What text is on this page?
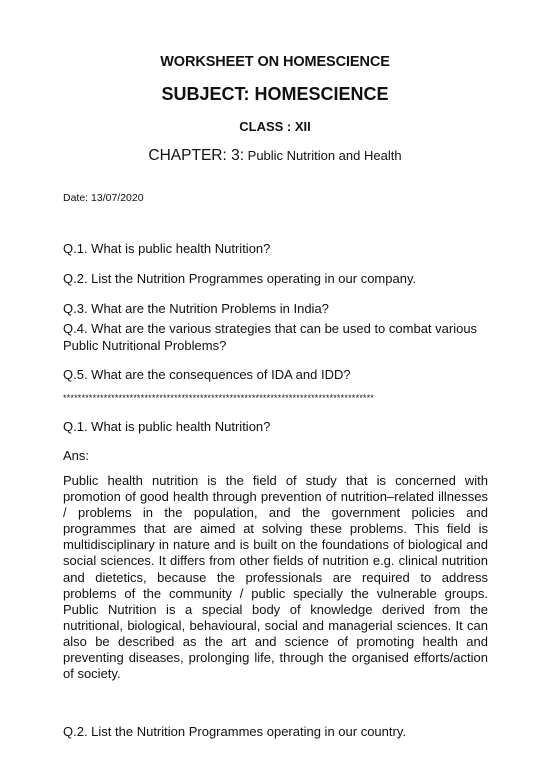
WORKSHEET ON HOMESCIENCE
SUBJECT: HOMESCIENCE
CLASS : XII
CHAPTER: 3: Public Nutrition and Health
Date: 13/07/2020
Q.1. What is public health Nutrition?
Q.2. List the Nutrition Programmes operating in our company.
Q.3. What are the Nutrition Problems in India?
Q.4. What are the various strategies that can be used to combat various Public Nutritional Problems?
Q.5. What are the consequences of IDA and IDD?
************************************************************************************
Q.1. What is public health Nutrition?
Ans:
Public health nutrition is the field of study that is concerned with promotion of good health through prevention of nutrition–related illnesses / problems in the population, and the government policies and programmes that are aimed at solving these problems. This field is multidisciplinary in nature and is built on the foundations of biological and social sciences. It differs from other fields of nutrition e.g. clinical nutrition and dietetics, because the professionals are required to address problems of the community / public specially the vulnerable groups. Public Nutrition is a special body of knowledge derived from the nutritional, biological, behavioural, social and managerial sciences. It can also be described as the art and science of promoting health and preventing diseases, prolonging life, through the organised efforts/action of society.
Q.2. List the Nutrition Programmes operating in our country.
